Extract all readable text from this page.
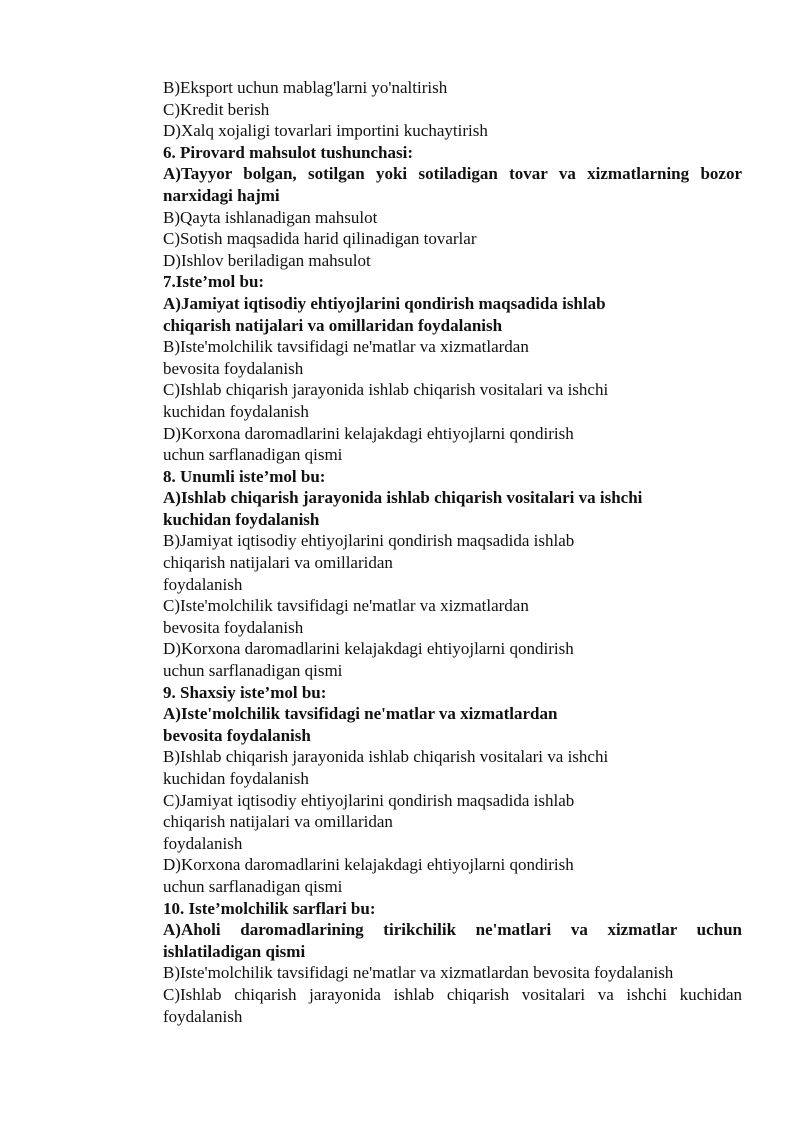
B)Eksport uchun mablag'larni yo'naltirish

C)Kredit berish

D)Xalq xojaligi tovarlari importini kuchaytirish

6. Pirovard mahsulot tushunchasi:

A)Tayyor bolgan, sotilgan yoki sotiladigan tovar va xizmatlarning bozor narxidagi hajmi

B)Qayta ishlanadigan mahsulot

C)Sotish maqsadida harid qilinadigan tovarlar

D)Ishlov beriladigan mahsulot

7.Iste’mol bu:

A)Jamiyat iqtisodiy ehtiyojlarini qondirish maqsadida ishlab

chiqarish natijalari va omillaridan foydalanish

B)Iste'molchilik tavsifidagi ne'matlar va xizmatlardan

bevosita foydalanish

C)Ishlab chiqarish jarayonida ishlab chiqarish vositalari va ishchi

kuchidan foydalanish

D)Korxona daromadlarini kelajakdagi ehtiyojlarni qondirish

uchun sarflanadigan qismi

8. Unumli iste’mol bu:

A)Ishlab chiqarish jarayonida ishlab chiqarish vositalari va ishchi

kuchidan foydalanish

B)Jamiyat iqtisodiy ehtiyojlarini qondirish maqsadida ishlab

chiqarish natijalari va omillaridan

foydalanish

C)Iste'molchilik tavsifidagi ne'matlar va xizmatlardan

bevosita foydalanish

D)Korxona daromadlarini kelajakdagi ehtiyojlarni qondirish

uchun sarflanadigan qismi

9. Shaxsiy iste’mol bu:

A)Iste'molchilik tavsifidagi ne'matlar va xizmatlardan

bevosita foydalanish

B)Ishlab chiqarish jarayonida ishlab chiqarish vositalari va ishchi

kuchidan foydalanish

C)Jamiyat iqtisodiy ehtiyojlarini qondirish maqsadida ishlab

chiqarish natijalari va omillaridan

foydalanish

D)Korxona daromadlarini kelajakdagi ehtiyojlarni qondirish

uchun sarflanadigan qismi

10. Iste’molchilik sarflari bu:

A)Aholi daromadlarining tirikchilik ne'matlari va xizmatlar uchun ishlatiladigan qismi

B)Iste'molchilik tavsifidagi ne'matlar va xizmatlardan bevosita foydalanish

C)Ishlab chiqarish jarayonida ishlab chiqarish vositalari va ishchi kuchidan foydalanish
